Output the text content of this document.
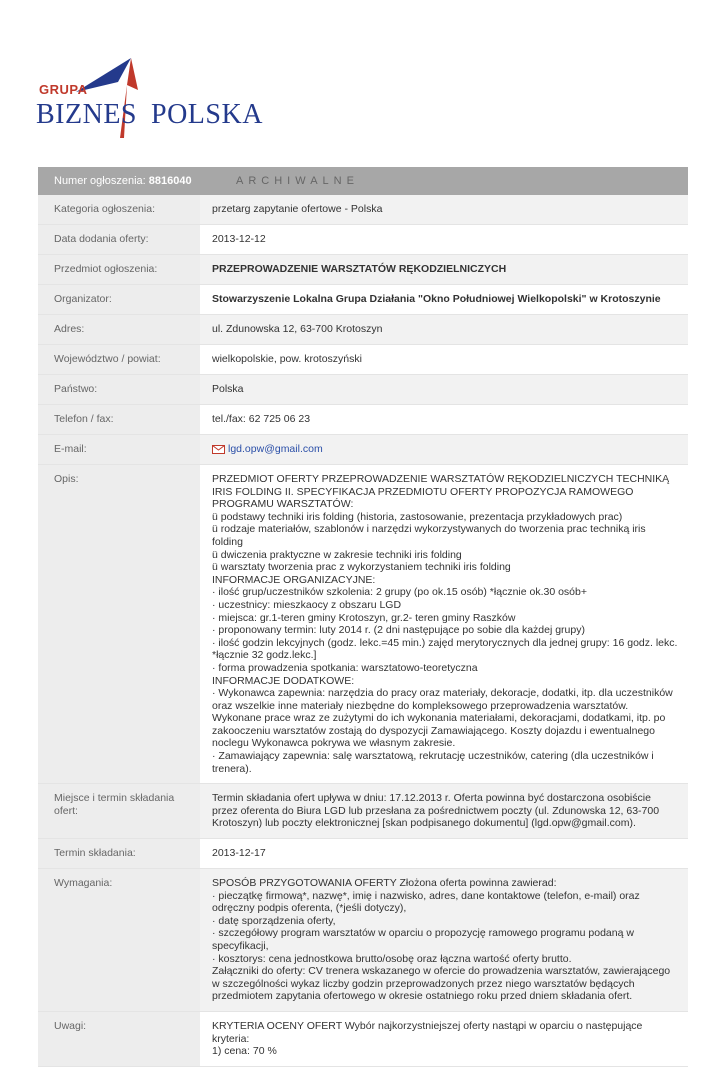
GRUPA
BIZNES POLSKA
Numer ogłoszenia: 8816040	ARCHIWALNE
Kategoria ogłoszenia:	przetarg zapytanie ofertowe - Polska
Data dodania oferty:	2013-12-12
Przedmiot ogłoszenia:	PRZEPROWADZENIE WARSZTATÓW RĘKODZIELNICZYCH
Organizator:	Stowarzyszenie Lokalna Grupa Działania "Okno Południowej Wielkopolski" w Krotoszynie
Adres:	ul. Zdunowska 12, 63-700 Krotoszyn
Województwo / powiat:	wielkopolskie, pow. krotoszyński
Państwo:	Polska
Telefon / fax:	tel./fax: 62 725 06 23
E-mail:	lgd.opw@gmail.com
Opis:	PRZEDMIOT OFERTY PRZEPROWADZENIE WARSZTATÓW RĘKODZIELNICZYCH TECHNIKĄ IRIS FOLDING II. SPECYFIKACJA PRZEDMIOTU OFERTY PROPOZYCJA RAMOWEGO PROGRAMU WARSZTATÓW:
ü podstawy techniki iris folding (historia, zastosowanie, prezentacja przykładowych prac)
ü rodzaje materiałów, szablonów i narzędzi wykorzystywanych do tworzenia prac techniką iris folding
ü dwiczenia praktyczne w zakresie techniki iris folding
ü warsztaty tworzenia prac z wykorzystaniem techniki iris folding
INFORMACJE ORGANIZACYJNE:
· ilość grup/uczestników szkolenia: 2 grupy (po ok.15 osób) *łącznie ok.30 osób+
· uczestnicy: mieszkaocy z obszaru LGD
· miejsca: gr.1-teren gminy Krotoszyn, gr.2- teren gminy Raszków
· proponowany termin: luty 2014 r. (2 dni następujące po sobie dla każdej grupy)
· ilość godzin lekcyjnych (godz. lekc.=45 min.) zajęd merytorycznych dla jednej grupy: 16 godz. lekc. *łącznie 32 godz.lekc.]
· forma prowadzenia spotkania: warsztatowo-teoretyczna
INFORMACJE DODATKOWE:
· Wykonawca zapewnia: narzędzia do pracy oraz materiały, dekoracje, dodatki, itp. dla uczestników oraz wszelkie inne materiały niezbędne do kompleksowego przeprowadzenia warsztatów. Wykonane prace wraz ze zużytymi do ich wykonania materiałami, dekoracjami, dodatkami, itp. po zakooczeniu warsztatów zostają do dyspozycji Zamawiającego. Koszty dojazdu i ewentualnego noclegu Wykonawca pokrywa we własnym zakresie.
· Zamawiający zapewnia: salę warsztatową, rekrutację uczestników, catering (dla uczestników i trenera).
Miejsce i termin składania ofert:
Termin składania ofert upływa w dniu: 17.12.2013 r. Oferta powinna być dostarczona osobiście przez oferenta do Biura LGD lub przesłana za pośrednictwem poczty (ul. Zdunowska 12, 63-700 Krotoszyn) lub poczty elektronicznej [skan podpisanego dokumentu] (lgd.opw@gmail.com).
Termin składania:	2013-12-17
Wymagania:	SPOSÓB PRZYGOTOWANIA OFERTY Złożona oferta powinna zawierad:
· pieczątkę firmową*, nazwę*, imię i nazwisko, adres, dane kontaktowe (telefon, e-mail) oraz odręczny podpis oferenta, (*jeśli dotyczy),
· datę sporządzenia oferty,
· szczegółowy program warsztatów w oparciu o propozycję ramowego programu podaną w specyfikacji,
· kosztorys: cena jednostkowa brutto/osobę oraz łączna wartość oferty brutto.
Załączniki do oferty: CV trenera wskazanego w ofercie do prowadzenia warsztatów, zawierającego w szczególności wykaz liczby godzin przeprowadzonych przez niego warsztatów będących przedmiotem zapytania ofertowego w okresie ostatniego roku przed dniem składania ofert.
Uwagi:	KRYTERIA OCENY OFERT Wybór najkorzystniejszej oferty nastąpi w oparciu o następujące kryteria:
1) cena: 70 %
